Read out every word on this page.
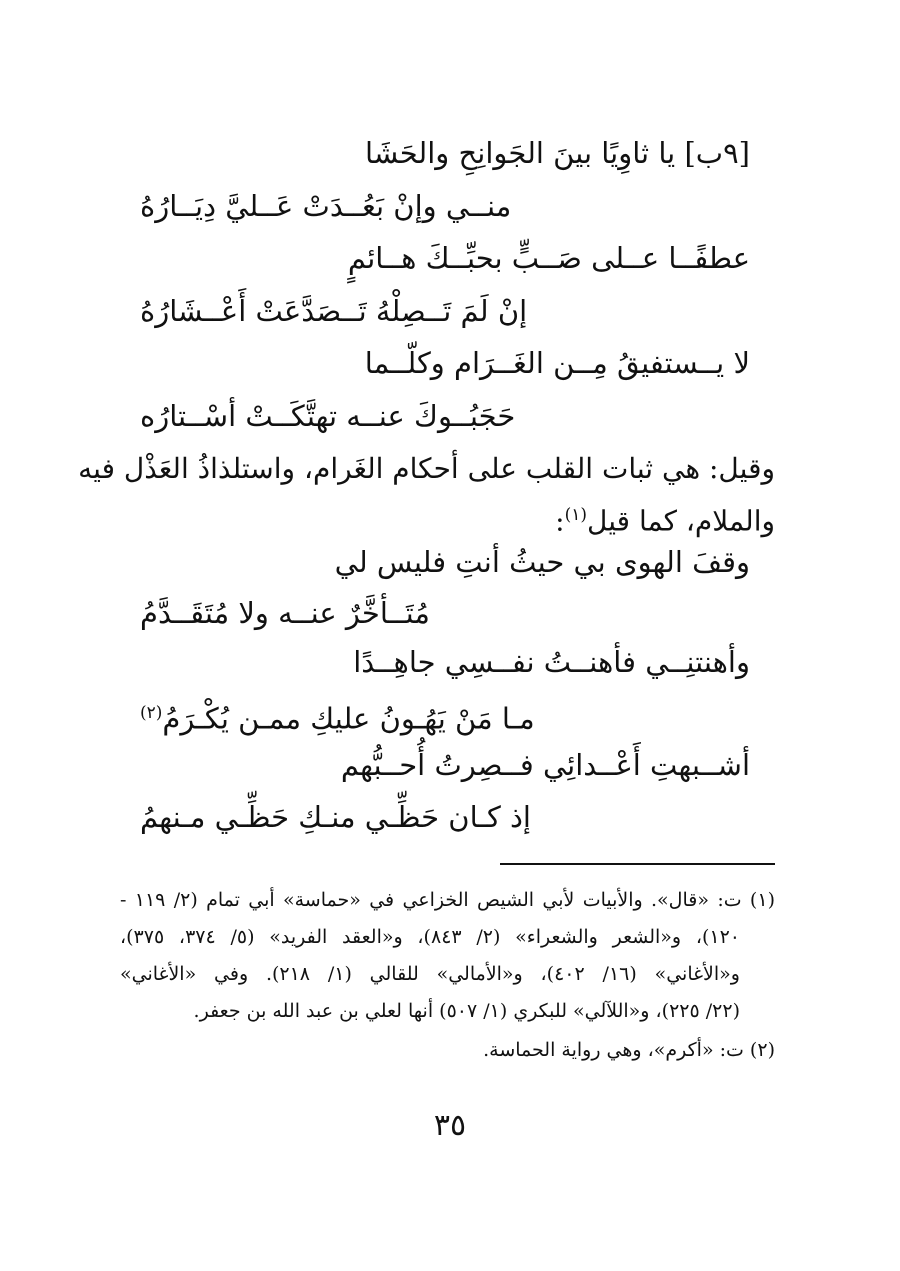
[٩ب] يا ثاوِيًا بينَ الجَوانِحِ والحَشَا
منــي وإنْ بَعُــدَتْ عَــليَّ دِيَــارُهُ
عطفًــا عــلى صَــبٍّ بحبِّــكَ هــائمٍ
إنْ لَمَ تَــصِلْهُ تَــصَدَّعَتْ أَعْــشَارُهُ
لا يــستفيقُ مِــن الغَــرَام وكلّــما
حَجَبُــوكَ عنــه تهتَّكَــتْ أسْــتارُه
وقيل: هي ثبات القلب على أحكام الغَرام، واستلذاذُ العَذْل فيه
والملام، كما قيل$^{(١)}$:
وقفَ الهوى بي حيثُ أنتِ فليس لي
مُتَــأخَّرٌ عنــه ولا مُتَقَــدَّمُ
وأهنتنِــي فأهنــتُ نفــسِي جاهِــدًا
مـا مَنْ يَهُـونُ عليكِ ممـن يُكْـرَمُ$^{(٢)}$
أشــبهتِ أَعْــدائِي فــصِرتُ أُحــبُّهم
إذ كـان حَظِّـي منـكِ حَظِّـي مـنهمُ
(١) ت: «قال». والأبيات لأبي الشيص الخزاعي في «حماسة» أبي تمام (٢/ ١١٩ -
١٢٠)، و«الشعر والشعراء» (٢/ ٨٤٣)، و«العقد الفريد» (٥/ ٣٧٤، ٣٧٥)،
و«الأغاني» (١٦/ ٤٠٢)، و«الأمالي» للقالي (١/ ٢١٨). وفي «الأغاني»
(٢٢/ ٢٢٥)، و«اللآلي» للبكري (١/ ٥٠٧) أنها لعلي بن عبد الله بن جعفر.
(٢) ت: «أكرم»، وهي رواية الحماسة.
٣٥
